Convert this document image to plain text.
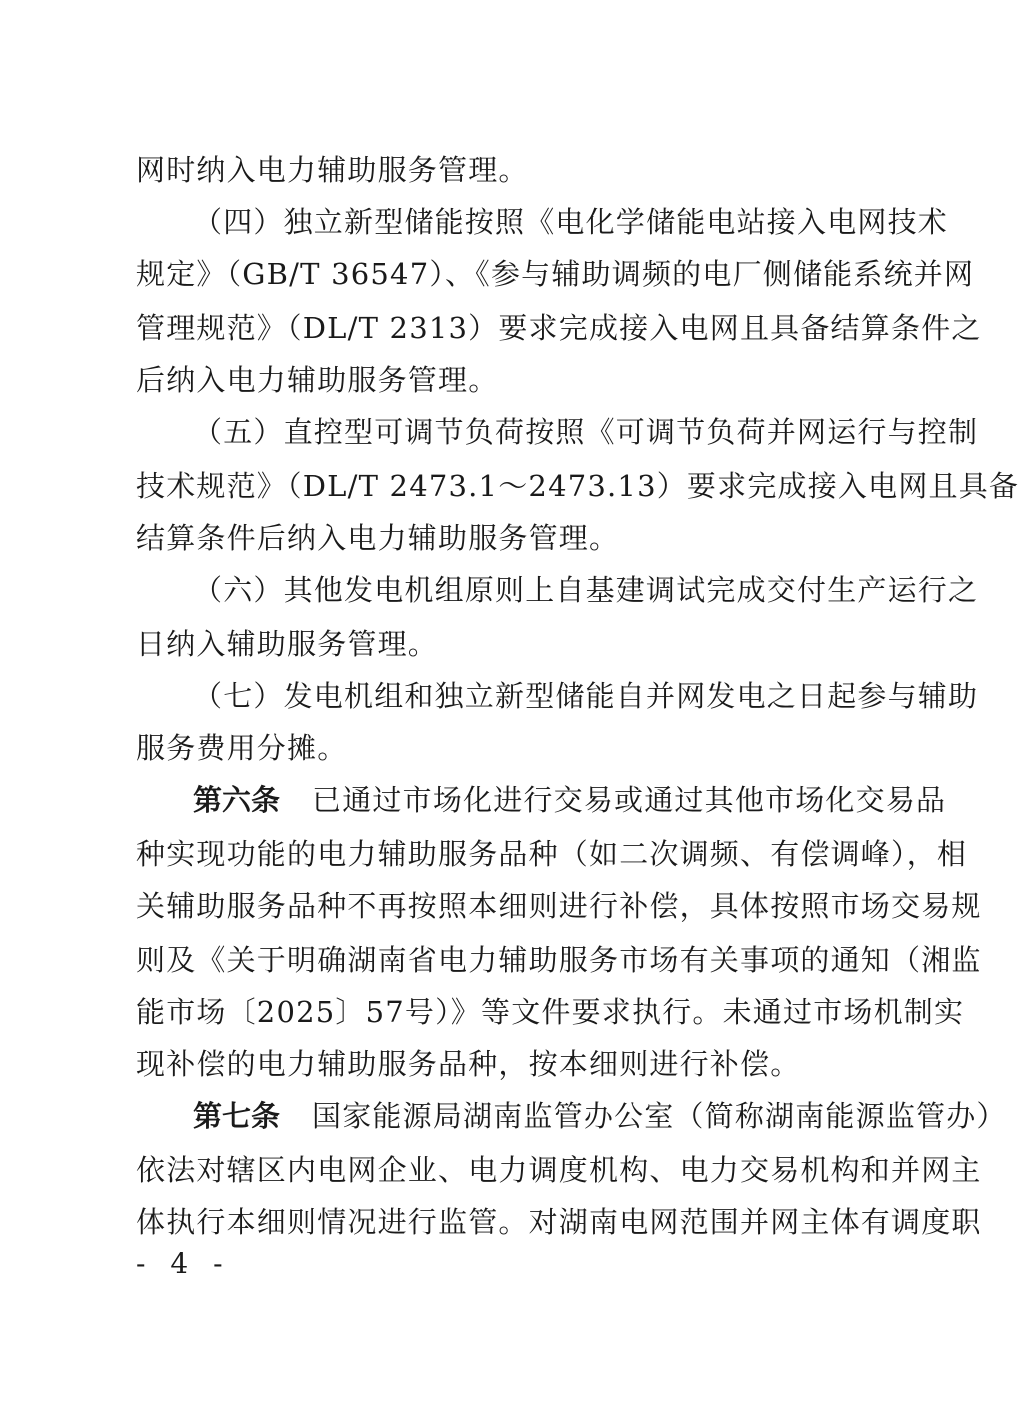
网时纳入电力辅助服务管理。
（四）独立新型储能按照《电化学储能电站接入电网技术
规定》（GB/T 36547）、《参与辅助调频的电厂侧储能系统并网
管理规范》（DL/T 2313）要求完成接入电网且具备结算条件之
后纳入电力辅助服务管理。
（五）直控型可调节负荷按照《可调节负荷并网运行与控制
技术规范》（DL/T 2473.1～2473.13）要求完成接入电网且具备
结算条件后纳入电力辅助服务管理。
（六）其他发电机组原则上自基建调试完成交付生产运行之
日纳入辅助服务管理。
（七）发电机组和独立新型储能自并网发电之日起参与辅助
服务费用分摊。
第六条 已通过市场化进行交易或通过其他市场化交易品
种实现功能的电力辅助服务品种（如二次调频、有偿调峰），相
关辅助服务品种不再按照本细则进行补偿，具体按照市场交易规
则及《关于明确湖南省电力辅助服务市场有关事项的通知（湘监
能市场〔2025〕57号）》等文件要求执行。未通过市场机制实
现补偿的电力辅助服务品种，按本细则进行补偿。
第七条 国家能源局湖南监管办公室（简称湖南能源监管办）
依法对辖区内电网企业、电力调度机构、电力交易机构和并网主
体执行本细则情况进行监管。对湖南电网范围并网主体有调度职
- 4 -
